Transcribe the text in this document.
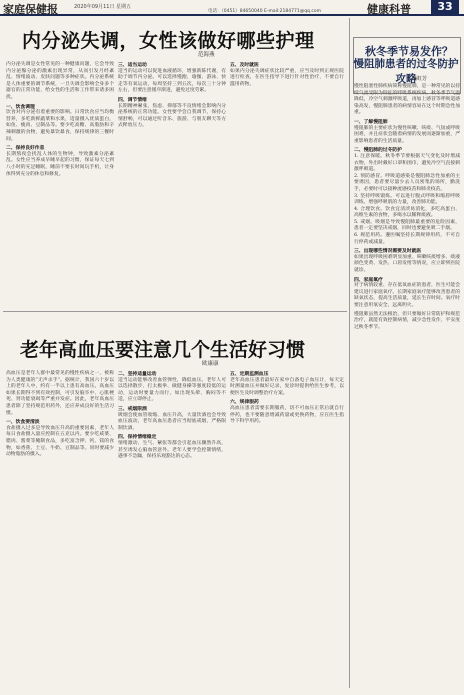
家庭保健报	2020年09月11日 星期五
电话：（0451）84650040 E-mail:2184771@qq.com	健康科普	33
内分泌失调，女性该做好哪些护理
范海燕

内分泌失调是女性常见的一种健康问题，它会导致内分泌腺分泌的激素出现异常，从而引发月经紊乱、情绪波动、皮肤问题等多种症状。内分泌系统是人体重要的调节系统，一旦失调会影响全身多个器官的正常功能，给女性的生活和工作带来诸多困扰。

一、饮食调理

饮食对内分泌有着重要的影响。日常饮食应当均衡营养，多吃新鲜蔬菜和水果，适量摄入优质蛋白，如鱼、瘦肉、豆制品等。要少吃高糖、高脂肪和辛辣刺激的食物，避免暴饮暴食，保持规律的三餐时间。

二、保持良好作息

长期熬夜会扰乱人体的生物钟，导致激素分泌紊乱。女性应当养成早睡早起的习惯，保证每天七到八小时的充足睡眠，睡前不要长时间玩手机，让身体得到充分的休息和修复。

三、适当运动

适当的运动可以促进血液循环，增强新陈代谢，有助于调节内分泌。可以选择慢跑、瑜伽、游泳、快走等有氧运动，每周坚持三到五次，每次三十分钟左右，但要注意循序渐进，避免过度劳累。

四、调节情绪

长期精神紧张、焦虑、抑郁等不良情绪会影响内分泌系统的正常功能。女性要学会自我调节，保持心情舒畅，可以通过听音乐、旅游、与朋友聊天等方式释放压力。

五、及时就医

如果内分泌失调症状比较严重，应当及时到正规医院进行检查，在医生指导下进行针对性治疗，不要自行滥用药物。

老年高血压要注意几个生活好习惯
欧康康

高血压是老年人群中最常见的慢性疾病之一，被称为人类健康的“无声杀手”。据统计，我国六十岁以上的老年人中，约有一半以上患有高血压。高血压如果长期得不到有效控制，可引发脑卒中、心肌梗死、肾功能衰竭等严重并发症。因此，老年高血压患者除了坚持规范用药外，还应养成良好的生活习惯。

一、饮食要清淡

食盐摄入过多是导致血压升高的重要因素，老年人每日食盐摄入量应控制在五克以内。要少吃咸菜、腊肉、酱菜等腌制食品，多吃富含钾、钙、镁的食物，如香蕉、土豆、牛奶、豆制品等。同时要减少动物脂肪的摄入。

二、坚持适量运动

适当运动能够改善血管弹性，降低血压。老年人可以选择散步、打太极拳、做健身操等强度较低的运动，运动时要量力而行，如出现头晕、胸闷等不适，应立即停止。

三、戒烟限酒

吸烟会使血管收缩、血压升高，大量饮酒也会导致血压波动，老年高血压患者应当彻底戒烟，严格限制饮酒。

四、保持情绪稳定

情绪激动、生气、紧张等都会引起血压骤然升高，甚至诱发心脑血管意外。老年人要学会控制情绪，遇事不急躁，保持乐观豁达的心态。

五、定期监测血压

老年高血压患者最好在家中自备电子血压计，每天定时测量血压并做好记录，复诊时提供给医生参考，以便医生及时调整治疗方案。

六、规律服药

高血压患者需要长期服药，切不可血压正常后就自行停药，也不要随意增减药量或更换药物，应在医生指导下科学用药。

秋冬季节易发作？
慢阻肺患者的过冬防护攻略
潘虹芳

慢性阻塞性肺疾病简称慢阻肺，是一种常见的以持续气流受限为特征的呼吸系统疾病。秋冬季节气温降低，冷空气刺激呼吸道，再加上感冒等呼吸道感染高发，慢阻肺患者的病情容易在这个时期急性加重。

一、了解慢阻肺

慢阻肺的主要症状为慢性咳嗽、咳痰、气短或呼吸困难，并且症状会随着病情的发展而逐渐加重，严重影响患者的生活质量。

二、慢阻肺的过冬防护

1. 注意保暖。秋冬季节要根据天气变化及时增减衣物，外出时戴好口罩和围巾，避免冷空气直接刺激呼吸道。

2. 预防感冒。呼吸道感染是慢阻肺急性加重的主要诱因，患者要尽量少去人员密集的场所，勤洗手，必要时可以接种流感疫苗和肺炎疫苗。

3. 坚持呼吸锻炼。可以进行腹式呼吸和缩唇呼吸训练，增强呼吸肌的力量，改善肺功能。

4. 合理饮食。饮食宜清淡易消化，多吃高蛋白、高维生素的食物，多喝水以稀释痰液。

5. 戒烟。吸烟是导致慢阻肺最重要的危险因素，患者一定要坚决戒烟，同时也要避免吸二手烟。

6. 规范用药。遵医嘱坚持长期规律用药，不可自行停药或减量。

三、出现哪些情况需要及时就医

如果出现呼吸困难明显加重、咳嗽咳痰增多、痰液颜色变黄、发热、口唇发绀等情况，应立即到医院就诊。

四、家庭氧疗

对于病情较重、存在低氧血症的患者，医生可能会建议进行家庭氧疗。长期家庭氧疗能够改善患者的缺氧状态，提高生活质量，延长生存时间。氧疗时要注意用氧安全，远离明火。

慢阻肺虽然无法根治，但只要做好日常防护和规范治疗，就能有效控制病情，减少急性发作，平安度过秋冬季节。
